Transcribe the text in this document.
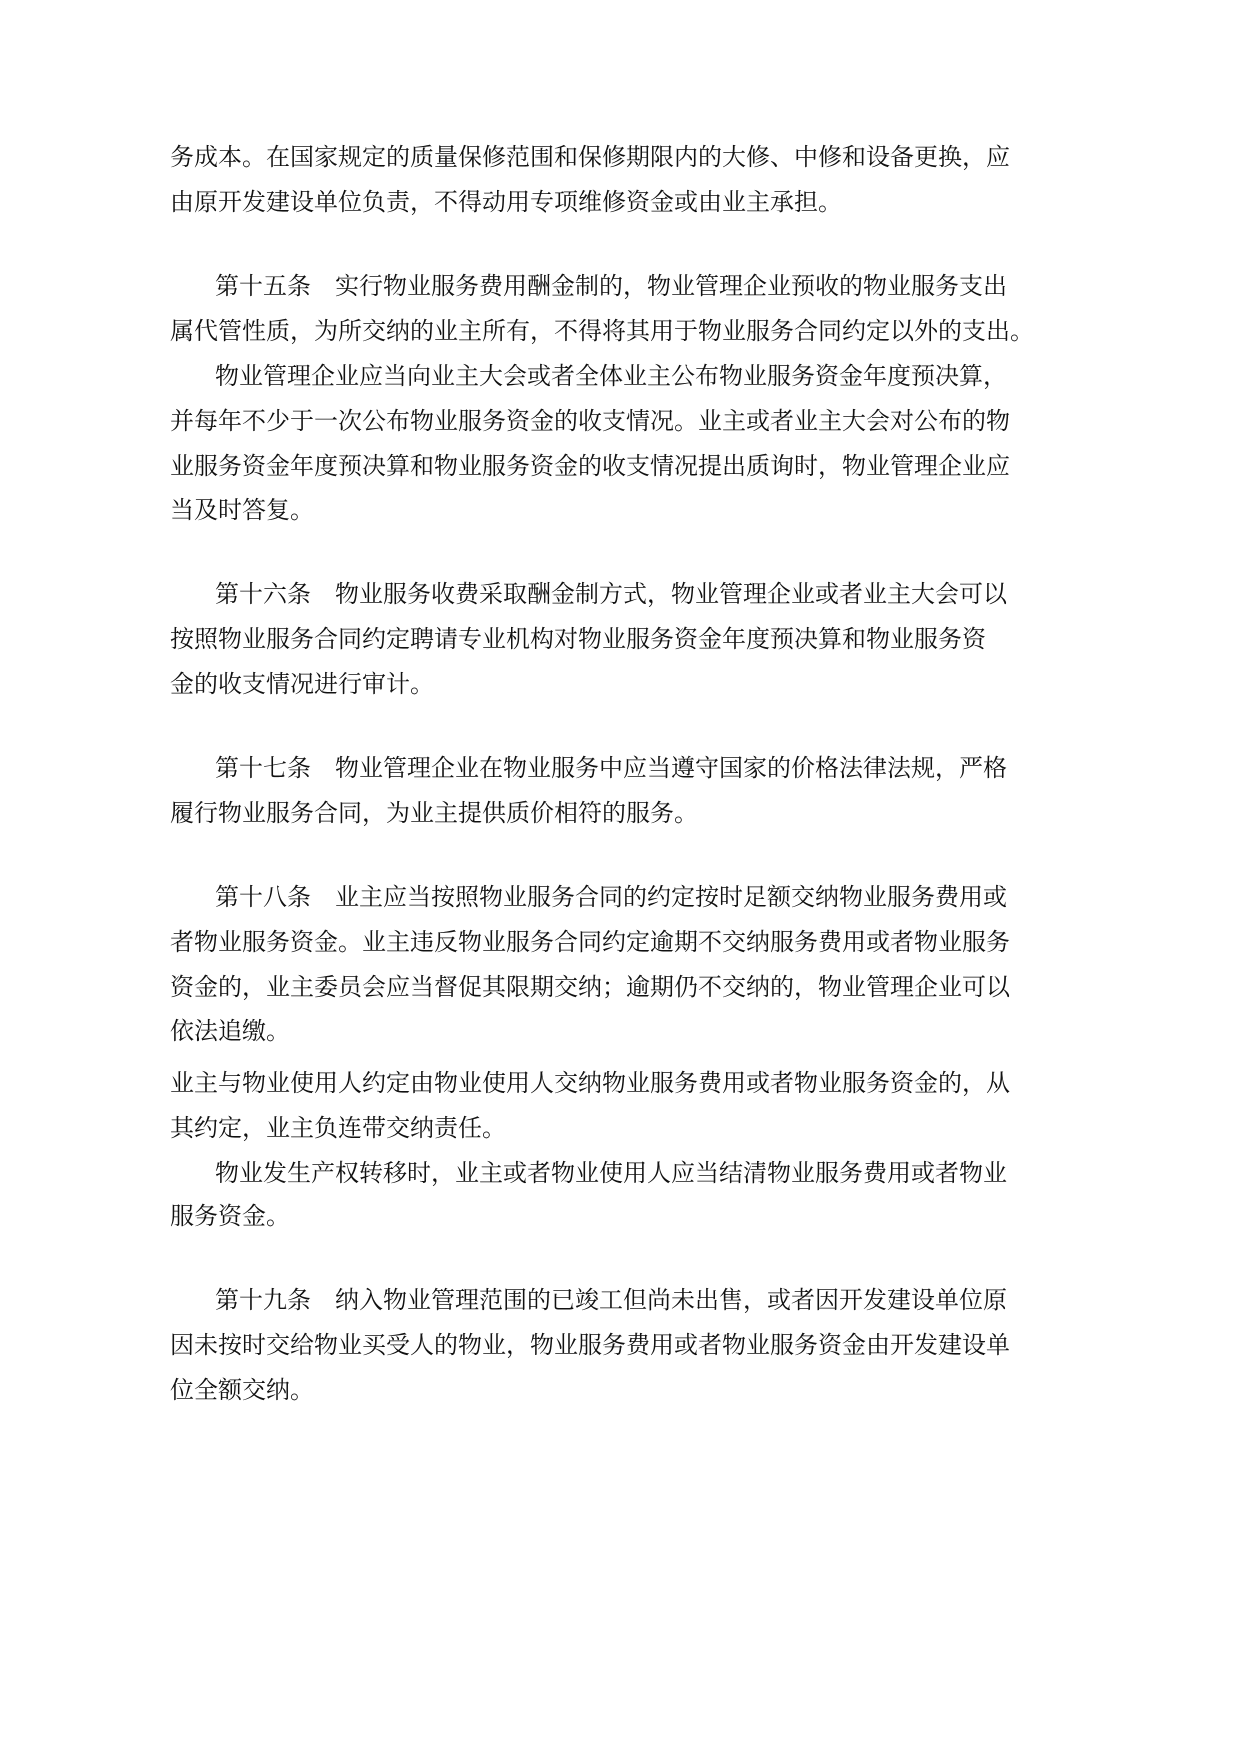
务成本。在国家规定的质量保修范围和保修期限内的大修、中修和设备更换，应
由原开发建设单位负责，不得动用专项维修资金或由业主承担。
第十五条　实行物业服务费用酬金制的，物业管理企业预收的物业服务支出
属代管性质，为所交纳的业主所有，不得将其用于物业服务合同约定以外的支出。
物业管理企业应当向业主大会或者全体业主公布物业服务资金年度预决算，
并每年不少于一次公布物业服务资金的收支情况。业主或者业主大会对公布的物
业服务资金年度预决算和物业服务资金的收支情况提出质询时，物业管理企业应
当及时答复。
第十六条　物业服务收费采取酬金制方式，物业管理企业或者业主大会可以
按照物业服务合同约定聘请专业机构对物业服务资金年度预决算和物业服务资
金的收支情况进行审计。
第十七条　物业管理企业在物业服务中应当遵守国家的价格法律法规，严格
履行物业服务合同，为业主提供质价相符的服务。
第十八条　业主应当按照物业服务合同的约定按时足额交纳物业服务费用或
者物业服务资金。业主违反物业服务合同约定逾期不交纳服务费用或者物业服务
资金的，业主委员会应当督促其限期交纳；逾期仍不交纳的，物业管理企业可以
依法追缴。
业主与物业使用人约定由物业使用人交纳物业服务费用或者物业服务资金的，从
其约定，业主负连带交纳责任。
物业发生产权转移时，业主或者物业使用人应当结清物业服务费用或者物业
服务资金。
第十九条　纳入物业管理范围的已竣工但尚未出售，或者因开发建设单位原
因未按时交给物业买受人的物业，物业服务费用或者物业服务资金由开发建设单
位全额交纳。
